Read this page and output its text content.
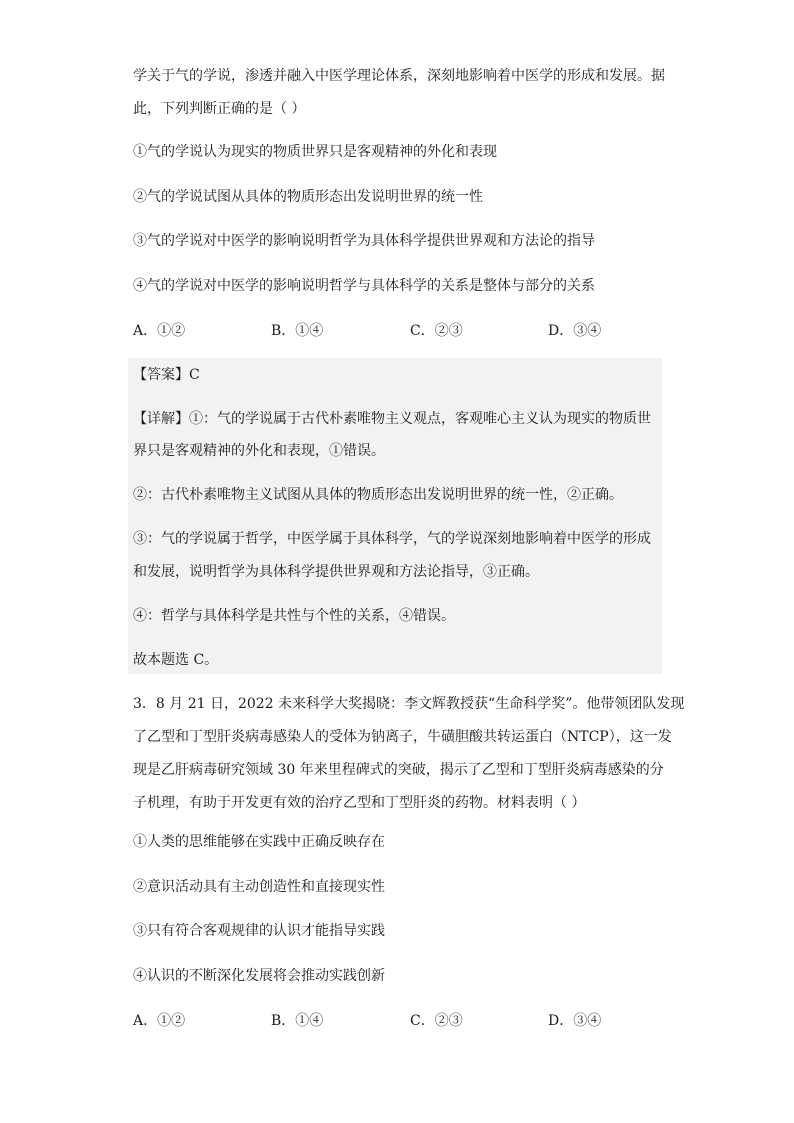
学关于气的学说，渗透并融入中医学理论体系，深刻地影响着中医学的形成和发展。据
此，下列判断正确的是（ ）
①气的学说认为现实的物质世界只是客观精神的外化和表现
②气的学说试图从具体的物质形态出发说明世界的统一性
③气的学说对中医学的影响说明哲学为具体科学提供世界观和方法论的指导
④气的学说对中医学的影响说明哲学与具体科学的关系是整体与部分的关系
A．①②	B．①④	C．②③	D．③④
【答案】C
【详解】①：气的学说属于古代朴素唯物主义观点，客观唯心主义认为现实的物质世
界只是客观精神的外化和表现，①错误。
②：古代朴素唯物主义试图从具体的物质形态出发说明世界的统一性，②正确。
③：气的学说属于哲学，中医学属于具体科学，气的学说深刻地影响着中医学的形成
和发展，说明哲学为具体科学提供世界观和方法论指导，③正确。
④：哲学与具体科学是共性与个性的关系，④错误。
故本题选 C。
3．8 月 21 日，2022 未来科学大奖揭晓：李文辉教授获“生命科学奖”。他带领团队发现
了乙型和丁型肝炎病毒感染人的受体为钠离子，牛磺胆酸共转运蛋白（NTCP），这一发
现是乙肝病毒研究领域 30 年来里程碑式的突破，揭示了乙型和丁型肝炎病毒感染的分
子机理，有助于开发更有效的治疗乙型和丁型肝炎的药物。材料表明（ ）
①人类的思维能够在实践中正确反映存在
②意识活动具有主动创造性和直接现实性
③只有符合客观规律的认识才能指导实践
④认识的不断深化发展将会推动实践创新
A．①②	B．①④	C．②③	D．③④
